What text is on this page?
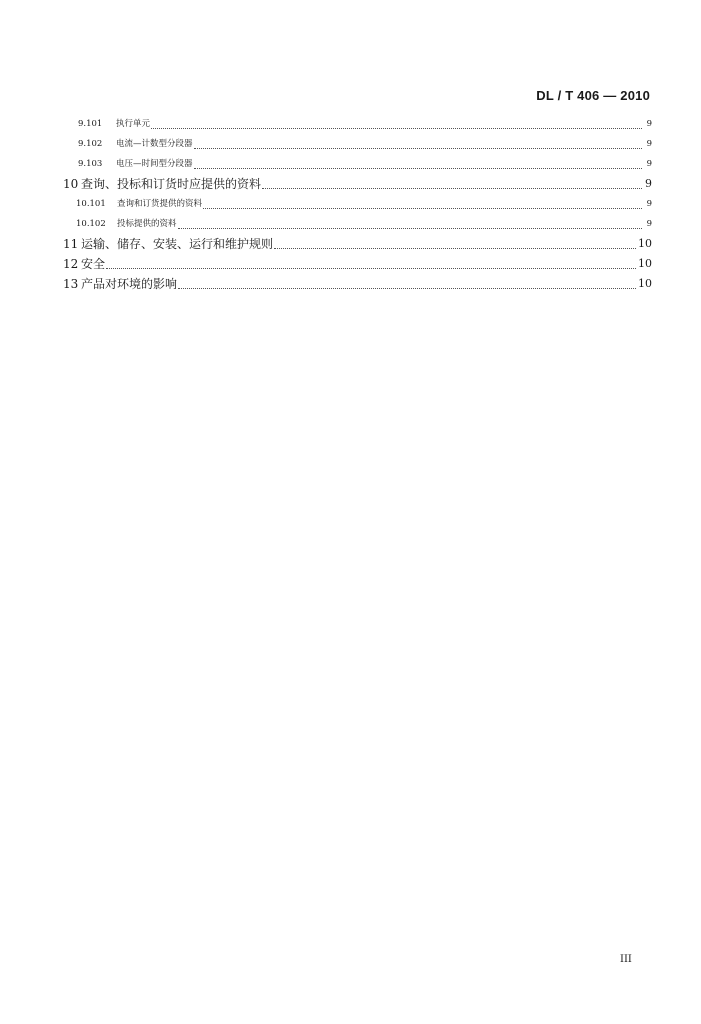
DL / T 406 — 2010
9.101	执行单元	9
9.102	电流—计数型分段器	9
9.103	电压—时间型分段器	9
10 查询、投标和订货时应提供的资料	9
10.101	查询和订货提供的资料	9
10.102	投标提供的资料	9
11 运输、储存、安装、运行和维护规则	10
12 安全	10
13 产品对环境的影响	10
III
